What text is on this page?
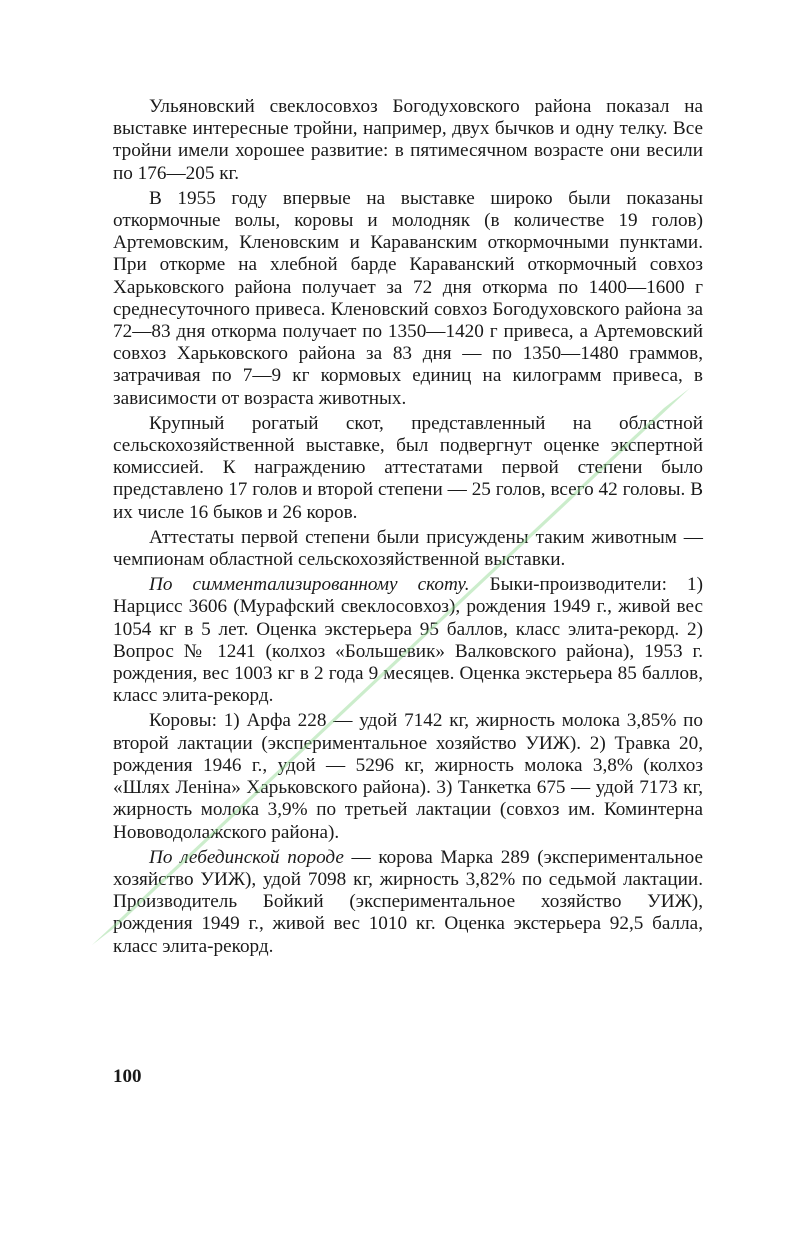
Ульяновский свеклосовхоз Богодуховского района показал на выставке интересные тройни, например, двух бычков и одну телку. Все тройни имели хорошее развитие: в пятимесячном возрасте они весили по 176—205 кг.

В 1955 году впервые на выставке широко были показаны откормочные волы, коровы и молодняк (в количестве 19 голов) Артемовским, Кленовским и Караванским откормочными пунктами. При откорме на хлебной барде Караванский откормочный совхоз Харьковского района получает за 72 дня откорма по 1400—1600 г среднесуточного привеса. Кленовский совхоз Богодуховского района за 72—83 дня откорма получает по 1350—1420 г привеса, а Артемовский совхоз Харьковского района за 83 дня — по 1350—1480 граммов, затрачивая по 7—9 кг кормовых единиц на килограмм привеса, в зависимости от возраста животных.

Крупный рогатый скот, представленный на областной сельскохозяйственной выставке, был подвергнут оценке экспертной комиссией. К награждению аттестатами первой степени было представлено 17 голов и второй степени — 25 голов, всего 42 головы. В их числе 16 быков и 26 коров.

Аттестаты первой степени были присуждены таким животным — чемпионам областной сельскохозяйственной выставки.

По симментализированному скоту. Быки-производители: 1) Нарцисс 3606 (Мурафский свеклосовхоз), рождения 1949 г., живой вес 1054 кг в 5 лет. Оценка экстерьера 95 баллов, класс элита-рекорд. 2) Вопрос № 1241 (колхоз «Большевик» Валковского района), 1953 г. рождения, вес 1003 кг в 2 года 9 месяцев. Оценка экстерьера 85 баллов, класс элита-рекорд.

Коровы: 1) Арфа 228 — удой 7142 кг, жирность молока 3,85% по второй лактации (экспериментальное хозяйство УИЖ). 2) Травка 20, рождения 1946 г., удой — 5296 кг, жирность молока 3,8% (колхоз «Шлях Леніна» Харьковского района). 3) Танкетка 675 — удой 7173 кг, жирность молока 3,9% по третьей лактации (совхоз им. Коминтерна Нововодолажского района).

По лебединской породе — корова Марка 289 (экспериментальное хозяйство УИЖ), удой 7098 кг, жирность 3,82% по седьмой лактации. Производитель Бойкий (экспериментальное хозяйство УИЖ), рождения 1949 г., живой вес 1010 кг. Оценка экстерьера 92,5 балла, класс элита-рекорд.

100
